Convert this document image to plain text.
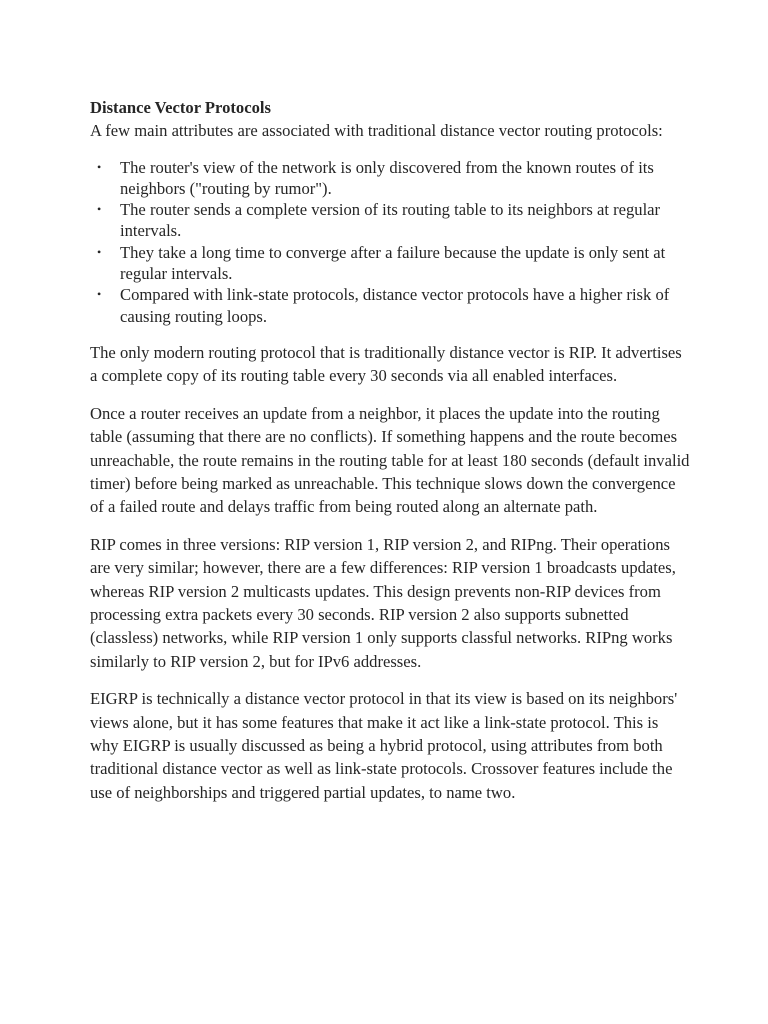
Distance Vector Protocols

A few main attributes are associated with traditional distance vector routing protocols:

• The router's view of the network is only discovered from the known routes of its neighbors ("routing by rumor").
• The router sends a complete version of its routing table to its neighbors at regular intervals.
• They take a long time to converge after a failure because the update is only sent at regular intervals.
• Compared with link-state protocols, distance vector protocols have a higher risk of causing routing loops.

The only modern routing protocol that is traditionally distance vector is RIP. It advertises a complete copy of its routing table every 30 seconds via all enabled interfaces.

Once a router receives an update from a neighbor, it places the update into the routing table (assuming that there are no conflicts). If something happens and the route becomes unreachable, the route remains in the routing table for at least 180 seconds (default invalid timer) before being marked as unreachable. This technique slows down the convergence of a failed route and delays traffic from being routed along an alternate path.

RIP comes in three versions: RIP version 1, RIP version 2, and RIPng. Their operations are very similar; however, there are a few differences: RIP version 1 broadcasts updates, whereas RIP version 2 multicasts updates. This design prevents non-RIP devices from processing extra packets every 30 seconds. RIP version 2 also supports subnetted (classless) networks, while RIP version 1 only supports classful networks. RIPng works similarly to RIP version 2, but for IPv6 addresses.

EIGRP is technically a distance vector protocol in that its view is based on its neighbors' views alone, but it has some features that make it act like a link-state protocol. This is why EIGRP is usually discussed as being a hybrid protocol, using attributes from both traditional distance vector as well as link-state protocols. Crossover features include the use of neighborships and triggered partial updates, to name two.
